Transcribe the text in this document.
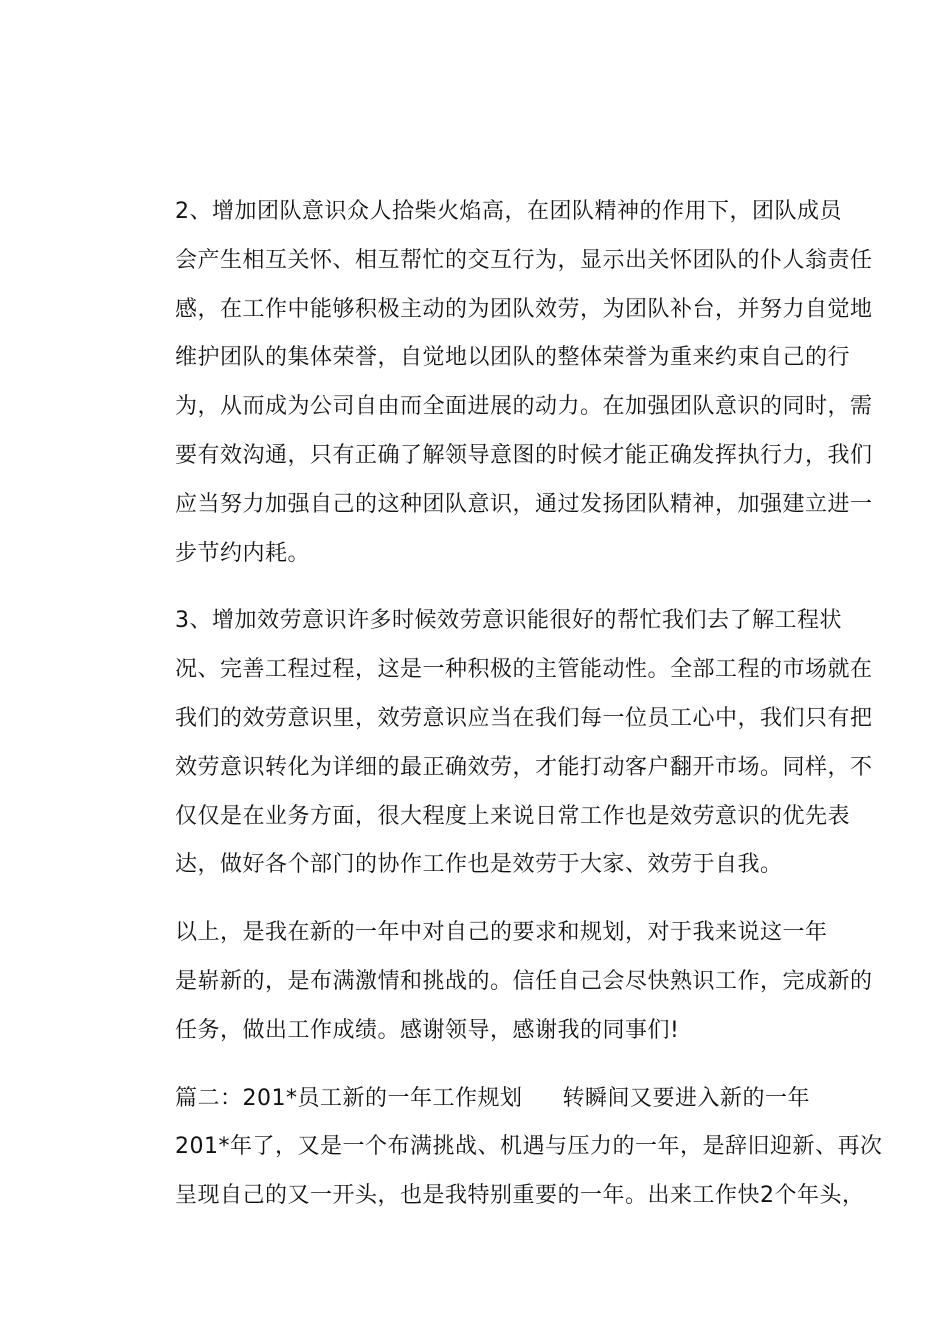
2、增加团队意识众人拾柴火焰高，在团队精神的作用下，团队成员
会产生相互关怀、相互帮忙的交互行为，显示出关怀团队的仆人翁责任
感，在工作中能够积极主动的为团队效劳，为团队补台，并努力自觉地
维护团队的集体荣誉，自觉地以团队的整体荣誉为重来约束自己的行
为，从而成为公司自由而全面进展的动力。在加强团队意识的同时，需
要有效沟通，只有正确了解领导意图的时候才能正确发挥执行力，我们
应当努力加强自己的这种团队意识，通过发扬团队精神，加强建立进一
步节约内耗。

3、增加效劳意识许多时候效劳意识能很好的帮忙我们去了解工程状
况、完善工程过程，这是一种积极的主管能动性。全部工程的市场就在
我们的效劳意识里，效劳意识应当在我们每一位员工心中，我们只有把
效劳意识转化为详细的最正确效劳，才能打动客户翻开市场。同样，不
仅仅是在业务方面，很大程度上来说日常工作也是效劳意识的优先表
达，做好各个部门的协作工作也是效劳于大家、效劳于自我。

以上，是我在新的一年中对自己的要求和规划，对于我来说这一年
是崭新的，是布满激情和挑战的。信任自己会尽快熟识工作，完成新的
任务，做出工作成绩。感谢领导，感谢我的同事们!

篇二：201*员工新的一年工作规划 转瞬间又要进入新的一年
201*年了，又是一个布满挑战、机遇与压力的一年，是辞旧迎新、再次
呈现自己的又一开头，也是我特别重要的一年。出来工作快2个年头，
